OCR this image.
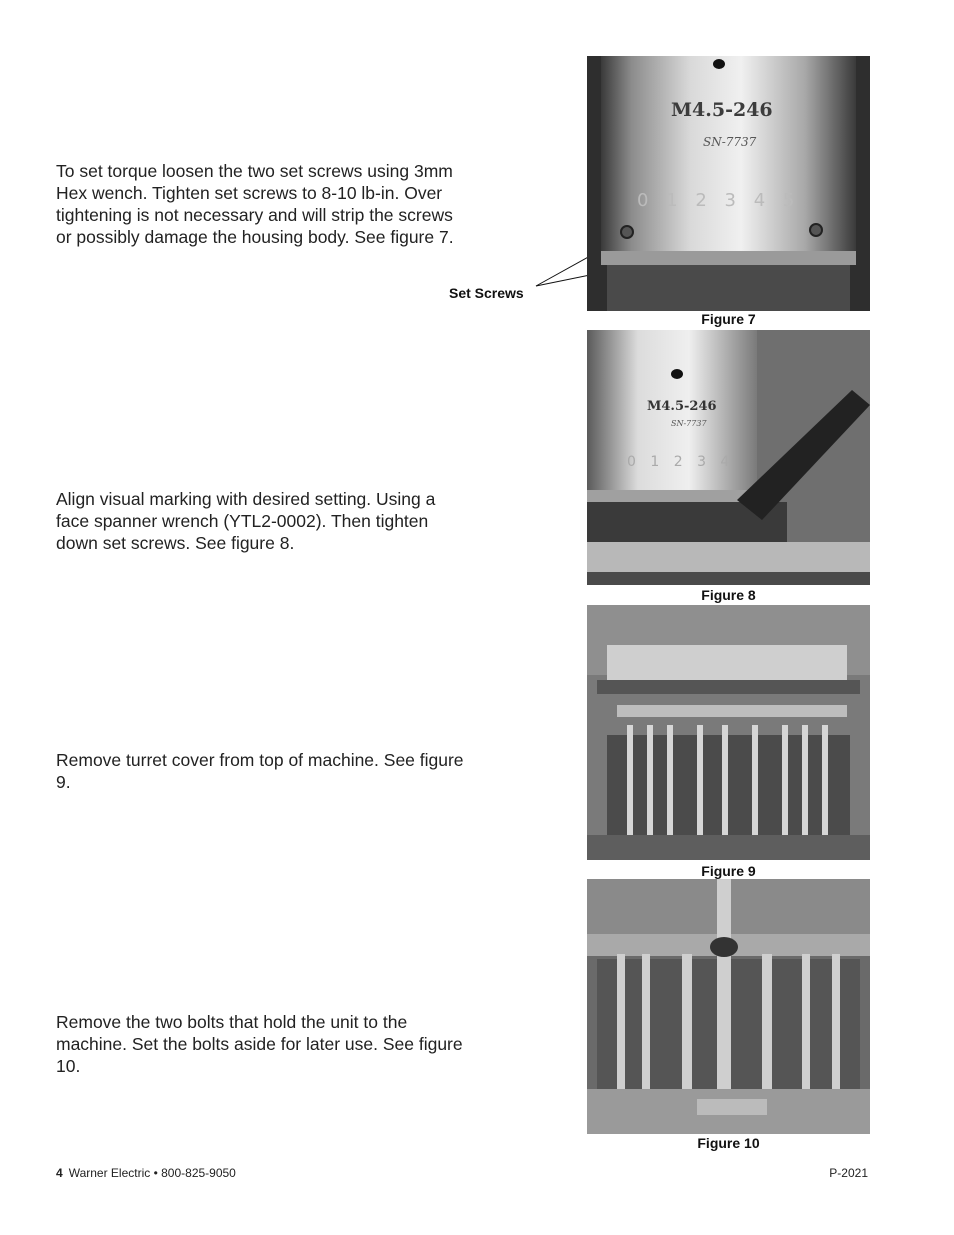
To set torque loosen the two set screws using 3mm Hex wench. Tighten set screws to 8-10 lb-in. Over tightening is not necessary and will strip the screws or possibly damage the housing body. See figure 7.

Align visual marking with desired setting. Using a face spanner wrench (YTL2-0002). Then tighten down set screws. See figure 8.

Remove turret cover from top of machine. See figure 9.

Remove the two bolts that hold the unit to the machine. Set the bolts aside for later use. See figure 10.

Set Screws
M4.5-246
SN-7737
0 1 2 3 4 5
Figure 7
M4.5-246
SN-7737
0 1 2 3 4
Figure 8
Figure 9
Figure 10
4 Warner Electric • 800-825-9050	P-2021
